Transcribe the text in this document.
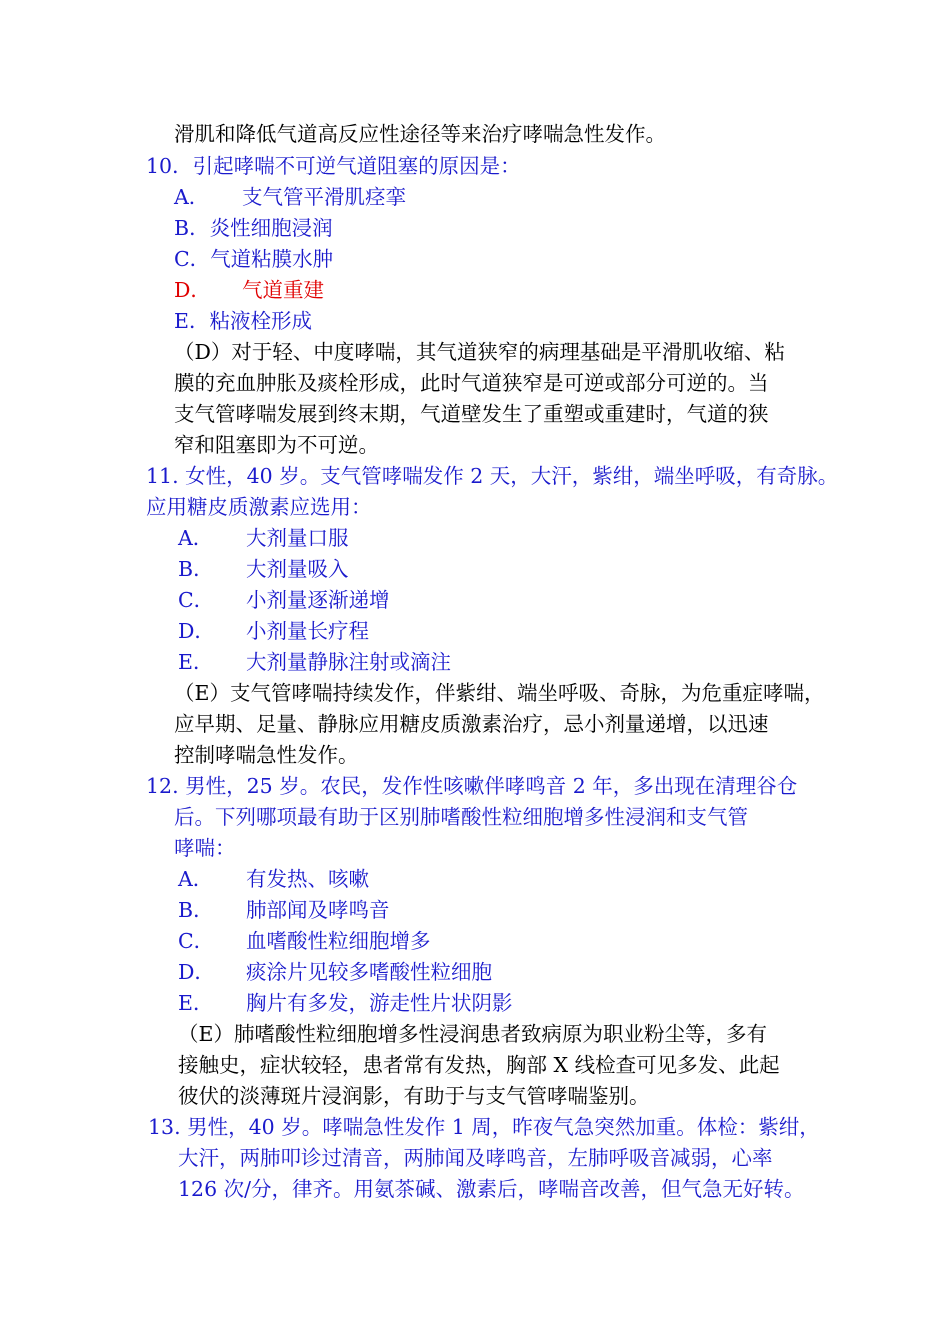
滑肌和降低气道高反应性途径等来治疗哮喘急性发作。
10．引起哮喘不可逆气道阻塞的原因是：
A． 支气管平滑肌痉挛
B．炎性细胞浸润
C．气道粘膜水肿
D． 气道重建
E．粘液栓形成
（D）对于轻、中度哮喘，其气道狭窄的病理基础是平滑肌收缩、粘
膜的充血肿胀及痰栓形成，此时气道狭窄是可逆或部分可逆的。当
支气管哮喘发展到终末期，气道壁发生了重塑或重建时，气道的狭
窄和阻塞即为不可逆。
11. 女性，40 岁。支气管哮喘发作 2 天，大汗，紫绀，端坐呼吸，有奇脉。
应用糖皮质激素应选用：
A． 大剂量口服
B． 大剂量吸入
C． 小剂量逐渐递增
D． 小剂量长疗程
E． 大剂量静脉注射或滴注
（E）支气管哮喘持续发作，伴紫绀、端坐呼吸、奇脉，为危重症哮喘，
应早期、足量、静脉应用糖皮质激素治疗，忌小剂量递增，以迅速
控制哮喘急性发作。
12. 男性，25 岁。农民，发作性咳嗽伴哮鸣音 2 年，多出现在清理谷仓
后。下列哪项最有助于区别肺嗜酸性粒细胞增多性浸润和支气管
哮喘：
A． 有发热、咳嗽
B． 肺部闻及哮鸣音
C． 血嗜酸性粒细胞增多
D． 痰涂片见较多嗜酸性粒细胞
E． 胸片有多发，游走性片状阴影
（E）肺嗜酸性粒细胞增多性浸润患者致病原为职业粉尘等，多有
接触史，症状较轻，患者常有发热，胸部 X 线检查可见多发、此起
彼伏的淡薄斑片浸润影，有助于与支气管哮喘鉴别。
13. 男性，40 岁。哮喘急性发作 1 周，昨夜气急突然加重。体检：紫绀，
大汗，两肺叩诊过清音，两肺闻及哮鸣音，左肺呼吸音减弱，心率
126 次/分，律齐。用氨茶碱、激素后，哮喘音改善，但气急无好转。
